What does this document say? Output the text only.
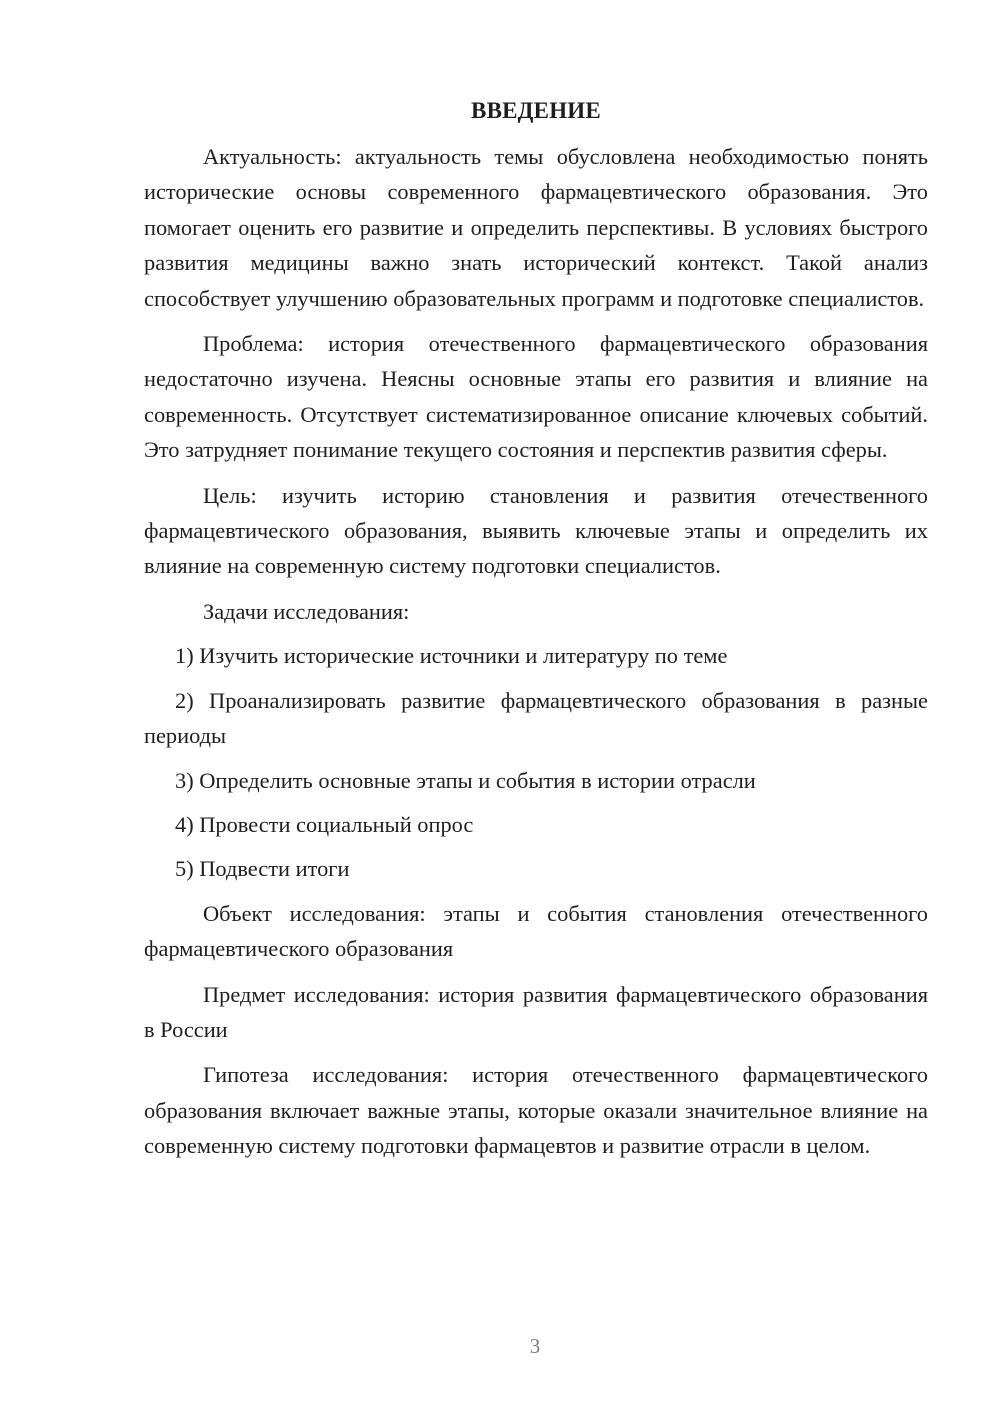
ВВЕДЕНИЕ

Актуальность: актуальность темы обусловлена необходимостью понять исторические основы современного фармацевтического образования. Это помогает оценить его развитие и определить перспективы. В условиях быстрого развития медицины важно знать исторический контекст. Такой анализ способствует улучшению образовательных программ и подготовке специалистов.

Проблема: история отечественного фармацевтического образования недостаточно изучена. Неясны основные этапы его развития и влияние на современность. Отсутствует систематизированное описание ключевых событий. Это затрудняет понимание текущего состояния и перспектив развития сферы.

Цель: изучить историю становления и развития отечественного фармацевтического образования, выявить ключевые этапы и определить их влияние на современную систему подготовки специалистов.

Задачи исследования:

1) Изучить исторические источники и литературу по теме

2) Проанализировать развитие фармацевтического образования в разные периоды

3) Определить основные этапы и события в истории отрасли

4) Провести социальный опрос

5) Подвести итоги

Объект исследования: этапы и события становления отечественного фармацевтического образования

Предмет исследования: история развития фармацевтического образования в России

Гипотеза исследования: история отечественного фармацевтического образования включает важные этапы, которые оказали значительное влияние на современную систему подготовки фармацевтов и развитие отрасли в целом.

3
